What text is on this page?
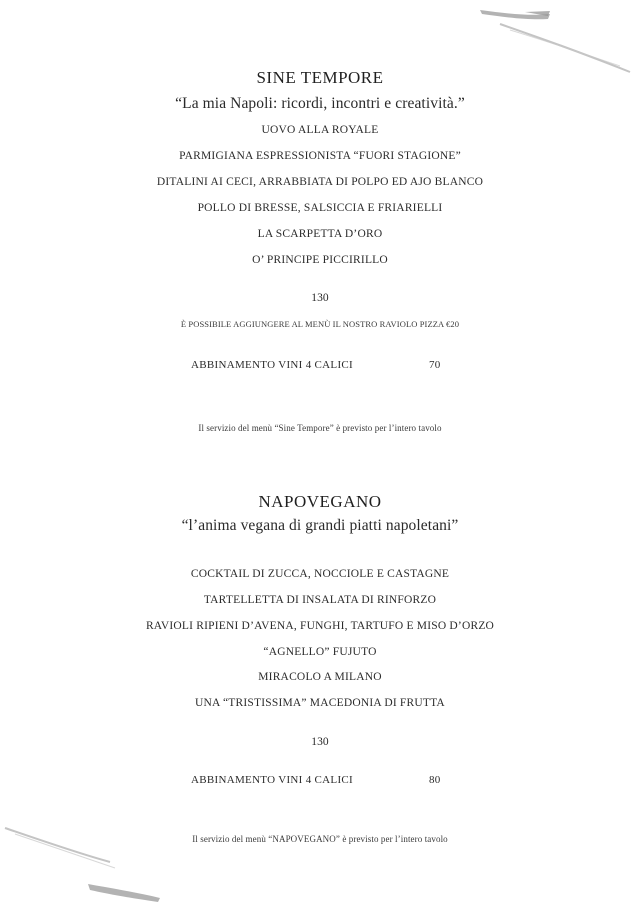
SINE TEMPORE
“La mia Napoli: ricordi, incontri e creatività.”
UOVO ALLA ROYALE
PARMIGIANA ESPRESSIONISTA “FUORI STAGIONE”
DITALINI AI CECI, ARRABBIATA DI POLPO ED AJO BLANCO
POLLO DI BRESSE, SALSICCIA E FRIARIELLI
LA SCARPETTA D’ORO
O’ PRINCIPE PICCIRILLO
130
È POSSIBILE AGGIUNGERE AL MENÙ IL NOSTRO RAVIOLO PIZZA €20
ABBINAMENTO VINI 4 CALICI	70
Il servizio del menù “Sine Tempore” è previsto per l’intero tavolo
NAPOVEGANO
“l’anima vegana di grandi piatti napoletani”
COCKTAIL DI ZUCCA, NOCCIOLE E CASTAGNE
TARTELLETTA DI INSALATA DI RINFORZO
RAVIOLI RIPIENI D’AVENA, FUNGHI, TARTUFO E MISO D’ORZO
“AGNELLO” FUJUTO
MIRACOLO A MILANO
UNA “TRISTISSIMA” MACEDONIA DI FRUTTA
130
ABBINAMENTO VINI 4 CALICI	80
Il servizio del menù “NAPOVEGANO” è previsto per l’intero tavolo
